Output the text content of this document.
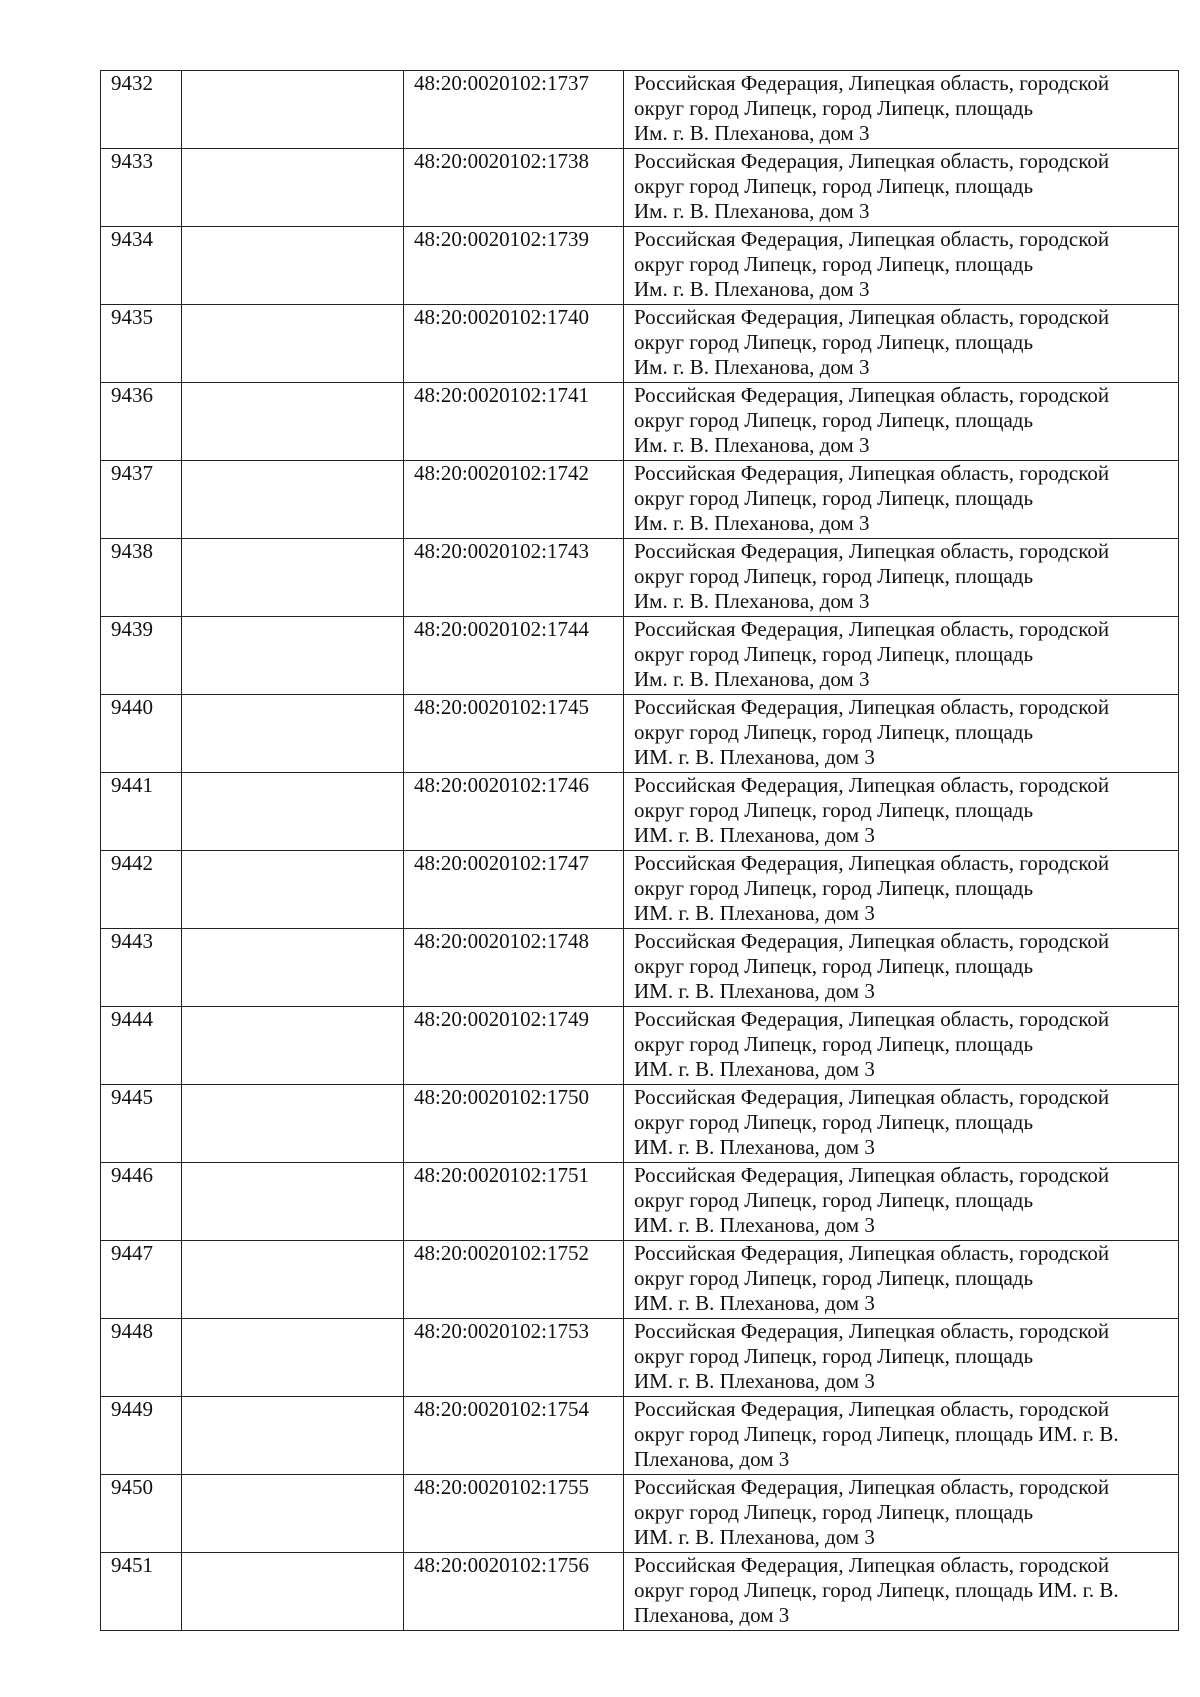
9432		48:20:0020102:1737	Российская Федерация, Липецкая область, городской
округ город Липецк, город Липецк, площадь
Им. г. В. Плеханова, дом 3
9433		48:20:0020102:1738	Российская Федерация, Липецкая область, городской
округ город Липецк, город Липецк, площадь
Им. г. В. Плеханова, дом 3
9434		48:20:0020102:1739	Российская Федерация, Липецкая область, городской
округ город Липецк, город Липецк, площадь
Им. г. В. Плеханова, дом 3
9435		48:20:0020102:1740	Российская Федерация, Липецкая область, городской
округ город Липецк, город Липецк, площадь
Им. г. В. Плеханова, дом 3
9436		48:20:0020102:1741	Российская Федерация, Липецкая область, городской
округ город Липецк, город Липецк, площадь
Им. г. В. Плеханова, дом 3
9437		48:20:0020102:1742	Российская Федерация, Липецкая область, городской
округ город Липецк, город Липецк, площадь
Им. г. В. Плеханова, дом 3
9438		48:20:0020102:1743	Российская Федерация, Липецкая область, городской
округ город Липецк, город Липецк, площадь
Им. г. В. Плеханова, дом 3
9439		48:20:0020102:1744	Российская Федерация, Липецкая область, городской
округ город Липецк, город Липецк, площадь
Им. г. В. Плеханова, дом 3
9440		48:20:0020102:1745	Российская Федерация, Липецкая область, городской
округ город Липецк, город Липецк, площадь
ИМ. г. В. Плеханова, дом 3
9441		48:20:0020102:1746	Российская Федерация, Липецкая область, городской
округ город Липецк, город Липецк, площадь
ИМ. г. В. Плеханова, дом 3
9442		48:20:0020102:1747	Российская Федерация, Липецкая область, городской
округ город Липецк, город Липецк, площадь
ИМ. г. В. Плеханова, дом 3
9443		48:20:0020102:1748	Российская Федерация, Липецкая область, городской
округ город Липецк, город Липецк, площадь
ИМ. г. В. Плеханова, дом 3
9444		48:20:0020102:1749	Российская Федерация, Липецкая область, городской
округ город Липецк, город Липецк, площадь
ИМ. г. В. Плеханова, дом 3
9445		48:20:0020102:1750	Российская Федерация, Липецкая область, городской
округ город Липецк, город Липецк, площадь
ИМ. г. В. Плеханова, дом 3
9446		48:20:0020102:1751	Российская Федерация, Липецкая область, городской
округ город Липецк, город Липецк, площадь
ИМ. г. В. Плеханова, дом 3
9447		48:20:0020102:1752	Российская Федерация, Липецкая область, городской
округ город Липецк, город Липецк, площадь
ИМ. г. В. Плеханова, дом 3
9448		48:20:0020102:1753	Российская Федерация, Липецкая область, городской
округ город Липецк, город Липецк, площадь
ИМ. г. В. Плеханова, дом 3
9449		48:20:0020102:1754	Российская Федерация, Липецкая область, городской
округ город Липецк, город Липецк, площадь ИМ. г. В.
Плеханова, дом 3
9450		48:20:0020102:1755	Российская Федерация, Липецкая область, городской
округ город Липецк, город Липецк, площадь
ИМ. г. В. Плеханова, дом 3
9451		48:20:0020102:1756	Российская Федерация, Липецкая область, городской
округ город Липецк, город Липецк, площадь ИМ. г. В.
Плеханова, дом 3
